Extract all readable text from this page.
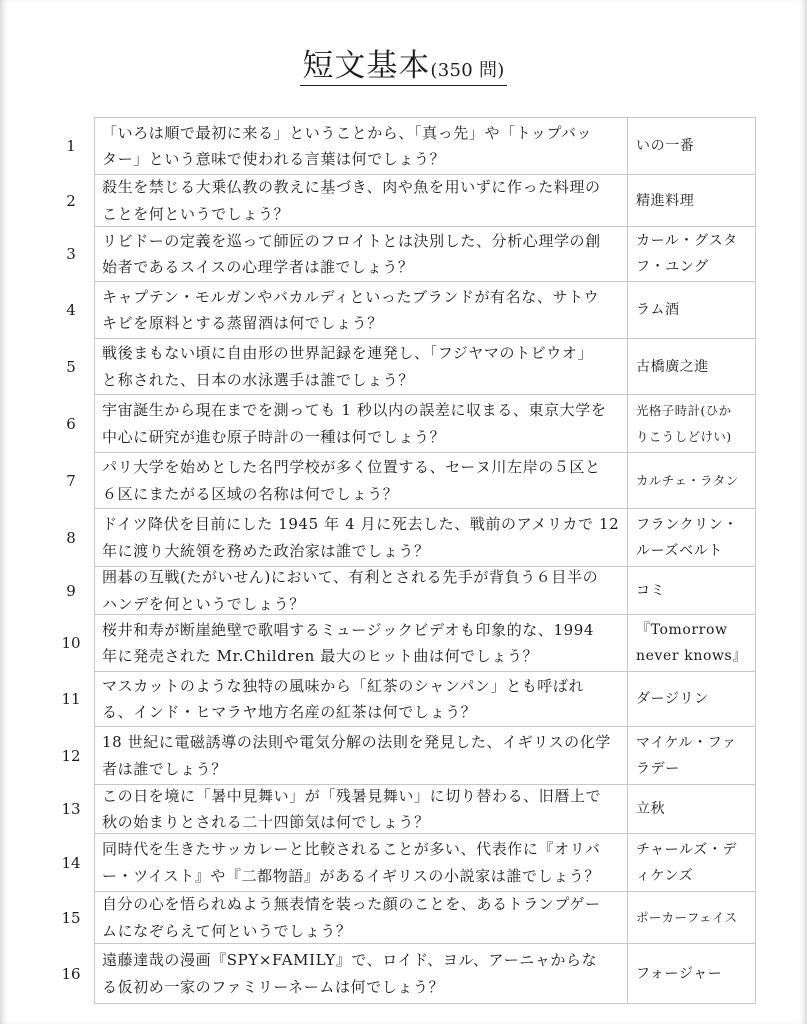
短文基本(350 問)
1
「いろは順で最初に来る」ということから、「真っ先」や「トップバッ
ター」という意味で使われる言葉は何でしょう？
いの一番
2
殺生を禁じる大乗仏教の教えに基づき、肉や魚を用いずに作った料理の
ことを何というでしょう？
精進料理
3
リビドーの定義を巡って師匠のフロイトとは決別した、分析心理学の創
始者であるスイスの心理学者は誰でしょう？
カール・グスタ
フ・ユング
4
キャプテン・モルガンやバカルディといったブランドが有名な、サトウ
キビを原料とする蒸留酒は何でしょう？
ラム酒
5
戦後まもない頃に自由形の世界記録を連発し、「フジヤマのトビウオ」
と称された、日本の水泳選手は誰でしょう？
古橋廣之進
6
宇宙誕生から現在までを測っても 1 秒以内の誤差に収まる、東京大学を
中心に研究が進む原子時計の一種は何でしょう？
光格子時計(ひか
りこうしどけい)
7
パリ大学を始めとした名門学校が多く位置する、セーヌ川左岸の５区と
６区にまたがる区域の名称は何でしょう？
カルチェ・ラタン
8
ドイツ降伏を目前にした 1945 年 4 月に死去した、戦前のアメリカで 12
年に渡り大統領を務めた政治家は誰でしょう？
フランクリン・
ルーズベルト
9
囲碁の互戦(たがいせん)において、有利とされる先手が背負う６目半の
ハンデを何というでしょう？
コミ
10
桜井和寿が断崖絶壁で歌唱するミュージックビデオも印象的な、1994
年に発売された Mr.Children 最大のヒット曲は何でしょう？
『Tomorrow
never knows』
11
マスカットのような独特の風味から「紅茶のシャンパン」とも呼ばれ
る、インド・ヒマラヤ地方名産の紅茶は何でしょう？
ダージリン
12
18 世紀に電磁誘導の法則や電気分解の法則を発見した、イギリスの化学
者は誰でしょう？
マイケル・ファ
ラデー
13
この日を境に「暑中見舞い」が「残暑見舞い」に切り替わる、旧暦上で
秋の始まりとされる二十四節気は何でしょう？
立秋
14
同時代を生きたサッカレーと比較されることが多い、代表作に『オリバ
ー・ツイスト』や『二都物語』があるイギリスの小説家は誰でしょう？
チャールズ・デ
ィケンズ
15
自分の心を悟られぬよう無表情を装った顔のことを、あるトランプゲー
ムになぞらえて何というでしょう？
ポーカーフェイス
16
遠藤達哉の漫画『SPY×FAMILY』で、ロイド、ヨル、アーニャからな
る仮初め一家のファミリーネームは何でしょう？
フォージャー
